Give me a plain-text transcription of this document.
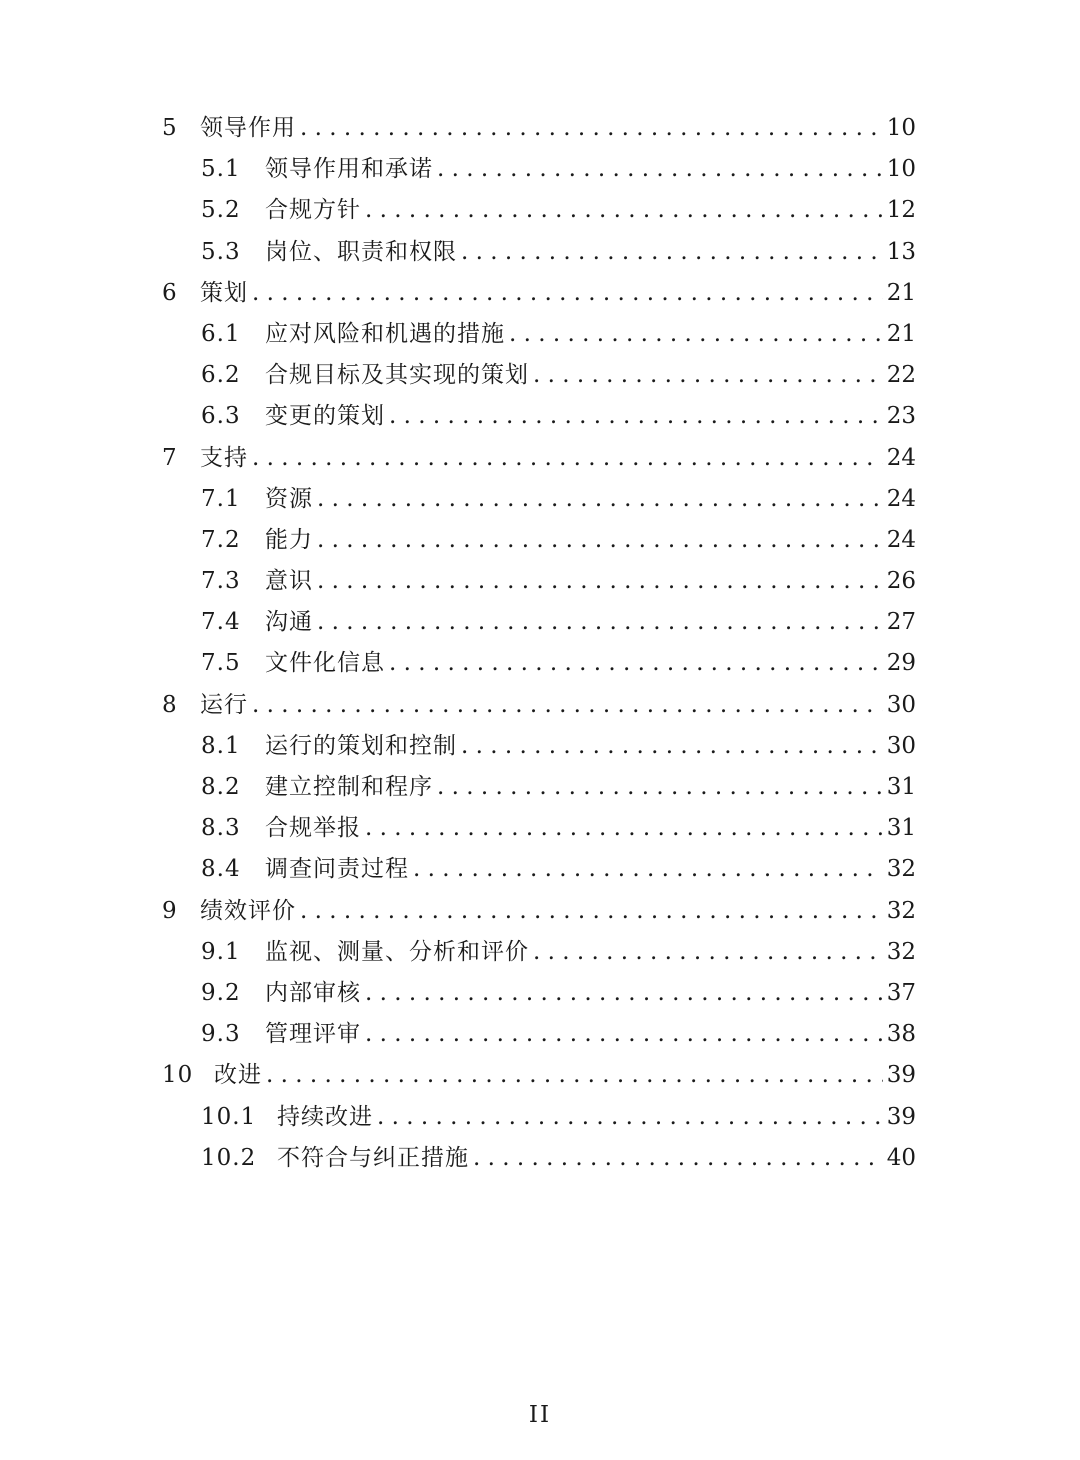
5 领导作用 . . .	10
5.1	领导作用和承诺 . . .	10
5.2	合规方针 . . .	12
5.3	岗位、职责和权限 . . .	13
6 策划 . . .	21
6.1	应对风险和机遇的措施 . . .	21
6.2	合规目标及其实现的策划 . . .	22
6.3	变更的策划 . . .	23
7 支持 . . .	24
7.1	资源 . . .	24
7.2	能力 . . .	24
7.3	意识 . . .	26
7.4	沟通 . . .	27
7.5	文件化信息 . . .	29
8 运行 . . .	30
8.1	运行的策划和控制 . . .	30
8.2	建立控制和程序 . . .	31
8.3	合规举报 . . .	31
8.4	调查问责过程 . . .	32
9 绩效评价 . . .	32
9.1	监视、测量、分析和评价 . . .	32
9.2	内部审核 . . .	37
9.3	管理评审 . . .	38
10 改进 . . .	39
10.1 持续改进 . . .	39
10.2 不符合与纠正措施 . . .	40
II
